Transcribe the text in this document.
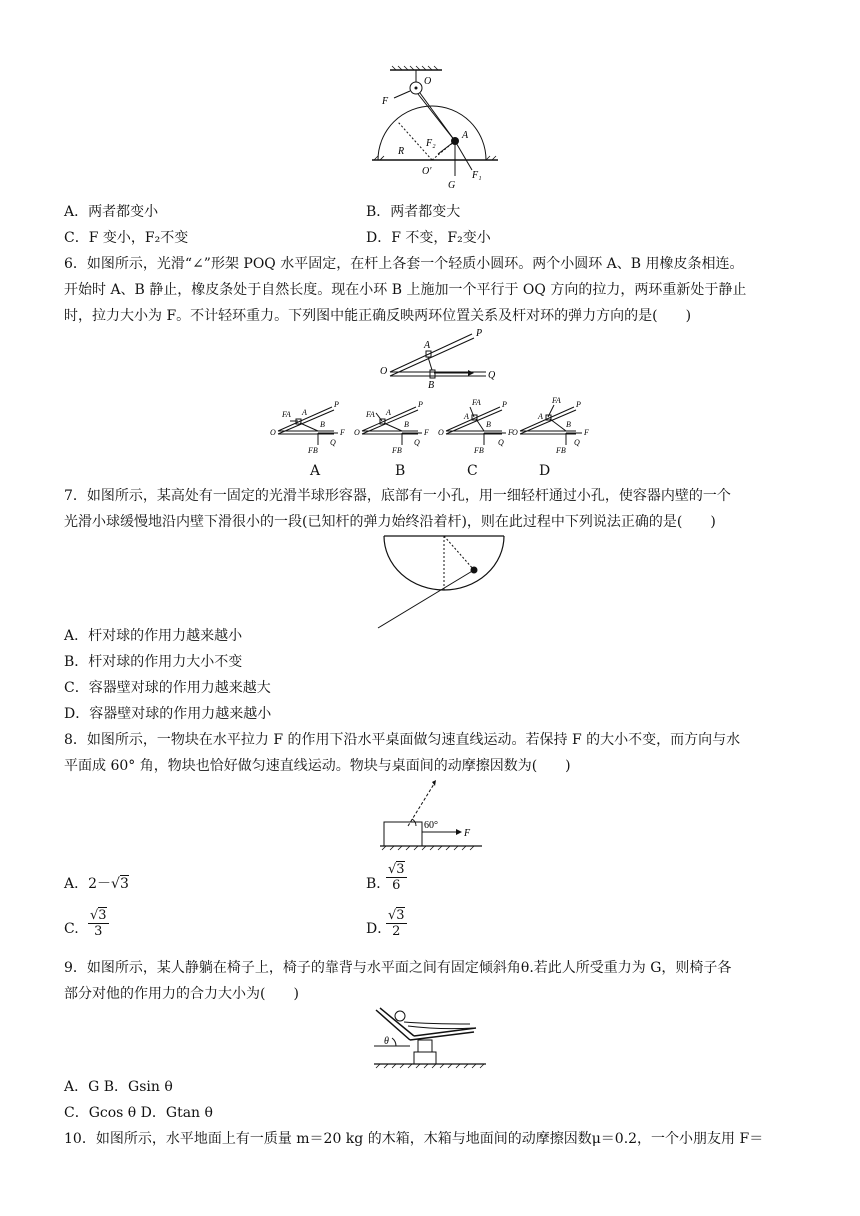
O
F
A
R
F₂
O′
G
F₁
A．两者都变小	B．两者都变大
C．F 变小，F₂不变	D．F 不变，F₂变小
6．如图所示，光滑“∠”形架 POQ 水平固定，在杆上各套一个轻质小圆环。两个小圆环 A、B 用橡皮条相连。
开始时 A、B 静止，橡皮条处于自然长度。现在小环 B 上施加一个平行于 OQ 方向的拉力，两环重新处于静止
时，拉力大小为 F。不计轻环重力。下列图中能正确反映两环位置关系及杆对环的弹力方向的是(　　)
P
A
O
B
Q
FA A
P
O
B
F
FB
Q
FA A
P
O
B
F
FB
Q
FA
A
P
O
B
F
FB
Q
FA
A
P
O
B
F
FB
Q
A	B	C	D
7．如图所示，某高处有一固定的光滑半球形容器，底部有一小孔，用一细轻杆通过小孔，使容器内壁的一个
光滑小球缓慢地沿内壁下滑很小的一段(已知杆的弹力始终沿着杆)，则在此过程中下列说法正确的是(　　)
A．杆对球的作用力越来越小
B．杆对球的作用力大小不变
C．容器壁对球的作用力越来越大
D．容器壁对球的作用力越来越小
8．如图所示，一物块在水平拉力 F 的作用下沿水平桌面做匀速直线运动。若保持 F 的大小不变，而方向与水
平面成 60° 角，物块也恰好做匀速直线运动。物块与桌面间的动摩擦因数为(　　)
60°
F
A．2－√3	B．
$\frac{√3}{6}$
C. $\frac{√3}{3}$	D．
$\frac{√3}{2}$
9．如图所示，某人静躺在椅子上，椅子的靠背与水平面之间有固定倾斜角θ.若此人所受重力为 G，则椅子各
部分对他的作用力的合力大小为(　　)
θ
A．G B．Gsin θ
C．Gcos θ D．Gtan θ
10．如图所示，水平地面上有一质量 m＝20 kg 的木箱，木箱与地面间的动摩擦因数μ＝0.2，一个小朋友用 F＝
